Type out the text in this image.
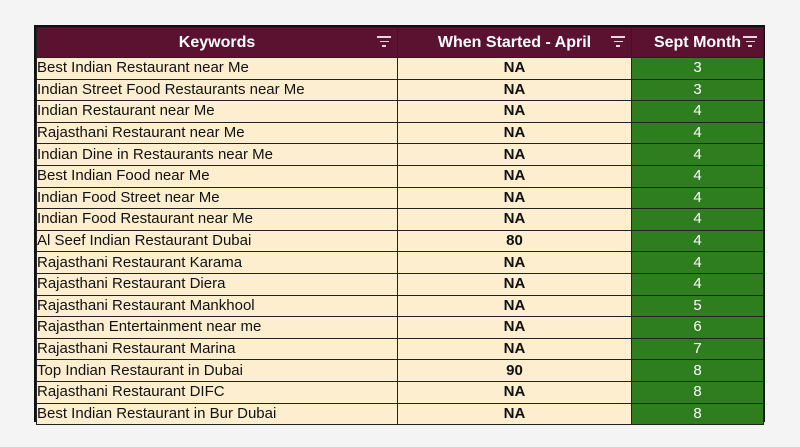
Keywords	When Started - April	Sept Month

Best Indian Restaurant near Me	NA	3
Indian Street Food Restaurants near Me	NA	3
Indian Restaurant near Me	NA	4
Rajasthani Restaurant near Me	NA	4
Indian Dine in Restaurants near Me	NA	4
Best Indian Food near Me	NA	4
Indian Food Street near Me	NA	4
Indian Food Restaurant near Me	NA	4
Al Seef Indian Restaurant Dubai	80	4
Rajasthani Restaurant Karama	NA	4
Rajasthani Restaurant Diera	NA	4
Rajasthani Restaurant Mankhool	NA	5
Rajasthan Entertainment near me	NA	6
Rajasthani Restaurant Marina	NA	7
Top Indian Restaurant in Dubai	90	8
Rajasthani Restaurant DIFC	NA	8
Best Indian Restaurant in Bur Dubai	NA	8
